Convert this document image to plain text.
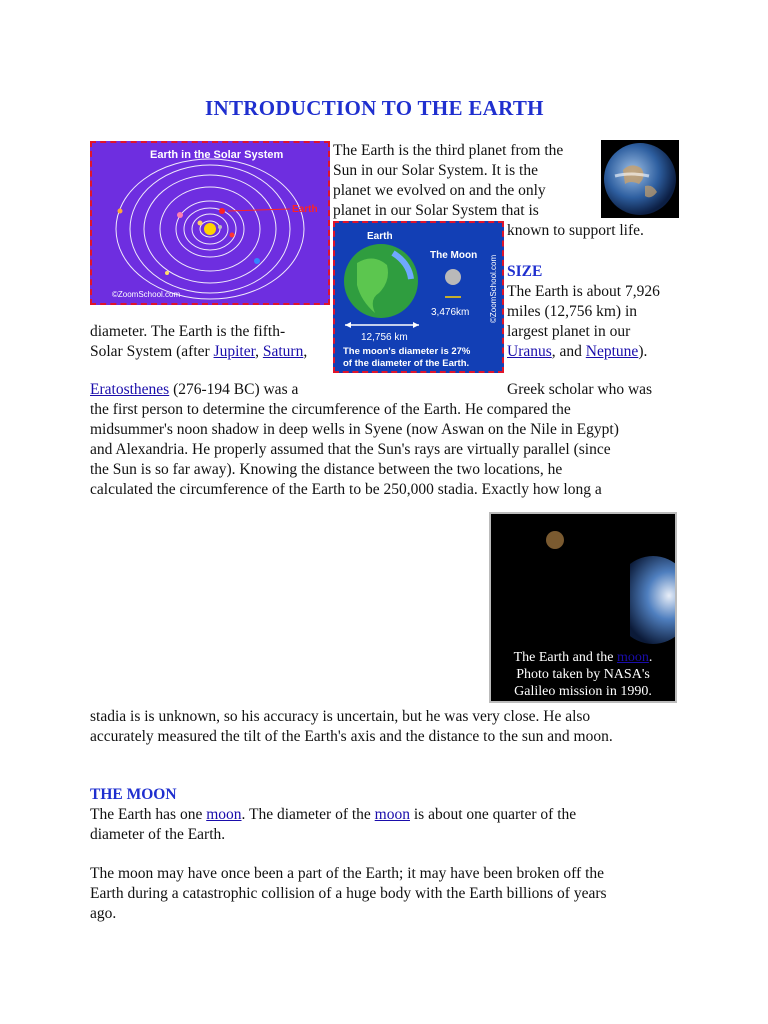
INTRODUCTION TO THE EARTH
Earth in the Solar System
Earth
©ZoomSchool.com
The Earth is the third planet from the
Sun in our Solar System. It is the
planet we evolved on and the only
planet in our Solar System that is
known to support life.
Earth
The Moon
3,476km
12,756 km
The moon's diameter is 27%
of the diameter of the Earth.
©ZoomSchool.com SIZE
The Earth is about 7,926
miles (12,756 km) in
diameter. The Earth is the fifth-	largest planet in our
Solar System (after Jupiter, Saturn,	Uranus, and Neptune).
Eratosthenes (276-194 BC) was a	Greek scholar who was
the first person to determine the circumference of the Earth. He compared the
midsummer's noon shadow in deep wells in Syene (now Aswan on the Nile in Egypt)
and Alexandria. He properly assumed that the Sun's rays are virtually parallel (since
the Sun is so far away). Knowing the distance between the two locations, he
calculated the circumference of the Earth to be 250,000 stadia. Exactly how long a
The Earth and the moon.
Photo taken by NASA's
Galileo mission in 1990.
stadia is is unknown, so his accuracy is uncertain, but he was very close. He also
accurately measured the tilt of the Earth's axis and the distance to the sun and moon.
THE MOON
The Earth has one moon. The diameter of the moon is about one quarter of the
diameter of the Earth.
The moon may have once been a part of the Earth; it may have been broken off the
Earth during a catastrophic collision of a huge body with the Earth billions of years
ago.
